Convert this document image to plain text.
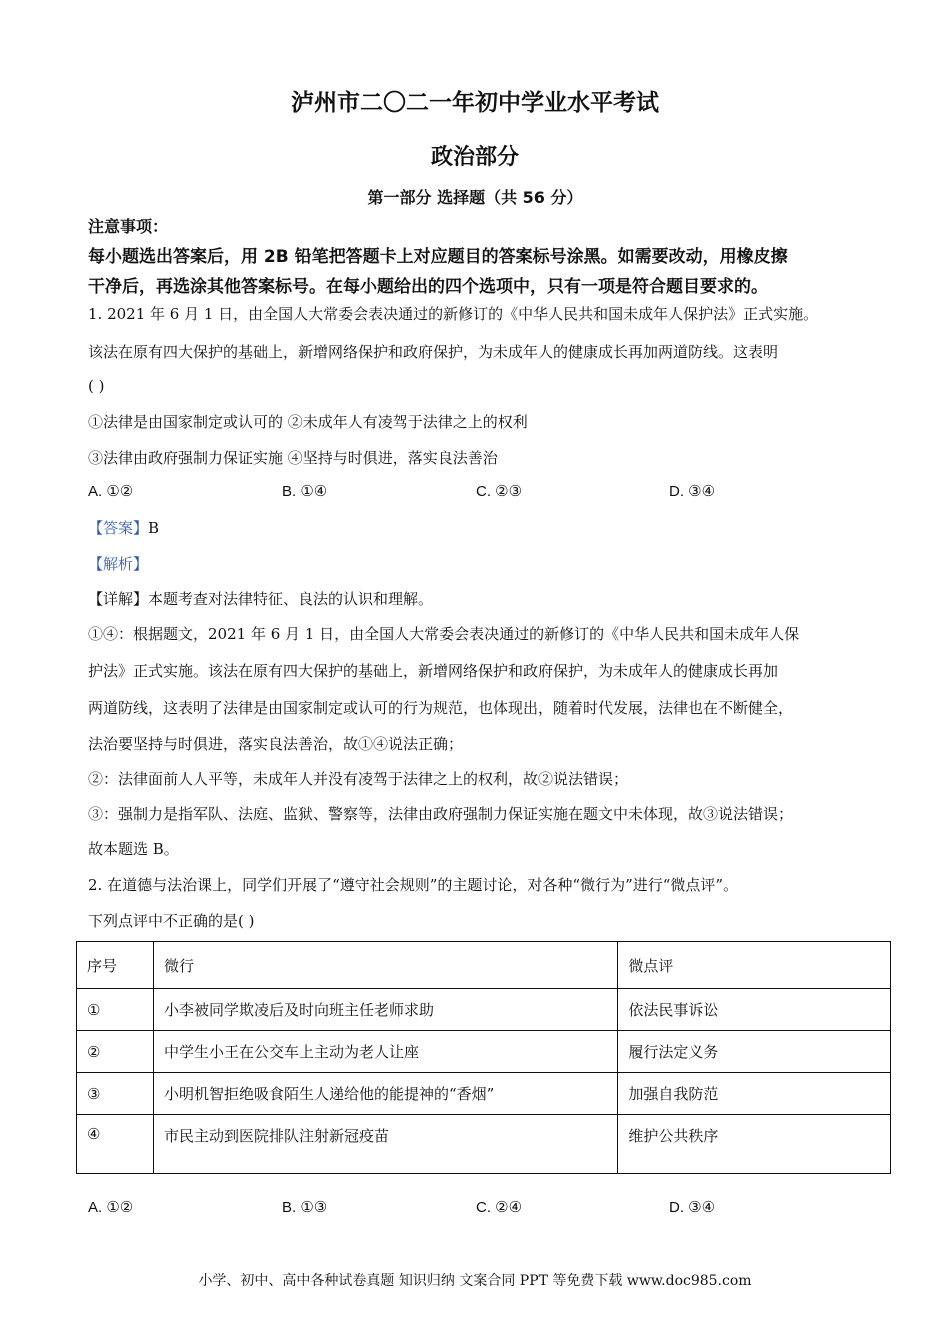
泸州市二〇二一年初中学业水平考试
政治部分
第一部分 选择题（共 56 分）
注意事项：
每小题选出答案后，用 2B 铅笔把答题卡上对应题目的答案标号涂黑。如需要改动，用橡皮擦
干净后，再选涂其他答案标号。在每小题给出的四个选项中，只有一项是符合题目要求的。
1. 2021 年 6 月 1 日，由全国人大常委会表决通过的新修订的《中华人民共和国未成年人保护法》正式实施。
该法在原有四大保护的基础上，新增网络保护和政府保护，为未成年人的健康成长再加两道防线。这表明
( )
①法律是由国家制定或认可的 ②未成年人有凌驾于法律之上的权利
③法律由政府强制力保证实施 ④坚持与时俱进，落实良法善治
A. ①②	B. ①④	C. ②③	D. ③④
【答案】B
【解析】
【详解】本题考查对法律特征、良法的认识和理解。
①④：根据题文，2021 年 6 月 1 日，由全国人大常委会表决通过的新修订的《中华人民共和国未成年人保
护法》正式实施。该法在原有四大保护的基础上，新增网络保护和政府保护，为未成年人的健康成长再加
两道防线，这表明了法律是由国家制定或认可的行为规范，也体现出，随着时代发展，法律也在不断健全，
法治要坚持与时俱进，落实良法善治，故①④说法正确；
②：法律面前人人平等，未成年人并没有凌驾于法律之上的权利，故②说法错误；
③：强制力是指军队、法庭、监狱、警察等，法律由政府强制力保证实施在题文中未体现，故③说法错误；
故本题选 B。
2. 在道德与法治课上，同学们开展了“遵守社会规则”的主题讨论，对各种“微行为”进行“微点评”。
下列点评中不正确的是( )
序号	微行	微点评
①	小李被同学欺凌后及时向班主任老师求助	依法民事诉讼
②	中学生小王在公交车上主动为老人让座	履行法定义务
③	小明机智拒绝吸食陌生人递给他的能提神的“香烟”	加强自我防范
④	市民主动到医院排队注射新冠疫苗	维护公共秩序
A. ①②	B. ①③	C. ②④	D. ③④
小学、初中、高中各种试卷真题 知识归纳 文案合同 PPT 等免费下载 www.doc985.com
